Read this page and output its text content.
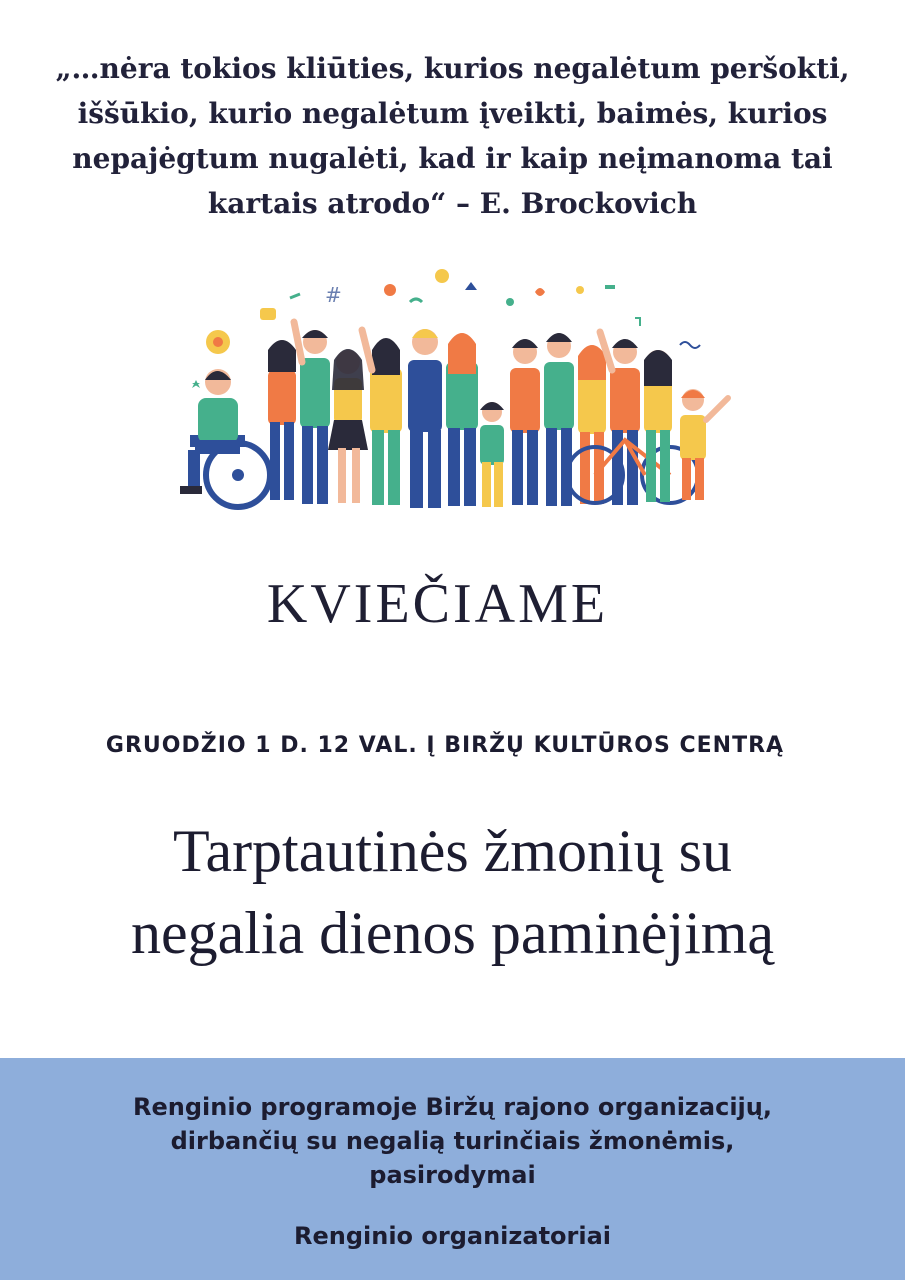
„…nėra tokios kliūties, kurios negalėtum peršokti, iššūkio, kurio negalėtum įveikti, baimės, kurios nepajėgtum nugalėti, kad ir kaip neįmanoma tai kartais atrodo“ – E. Brockovich
#
KVIEČIAME
GRUODŽIO 1 D. 12 VAL. Į BIRŽŲ KULTŪROS CENTRĄ
Tarptautinės žmonių su
negalia dienos paminėjimą
Renginio programoje Biržų rajono organizacijų,
dirbančių su negalią turinčiais žmonėmis,
pasirodymai
Renginio organizatoriai
